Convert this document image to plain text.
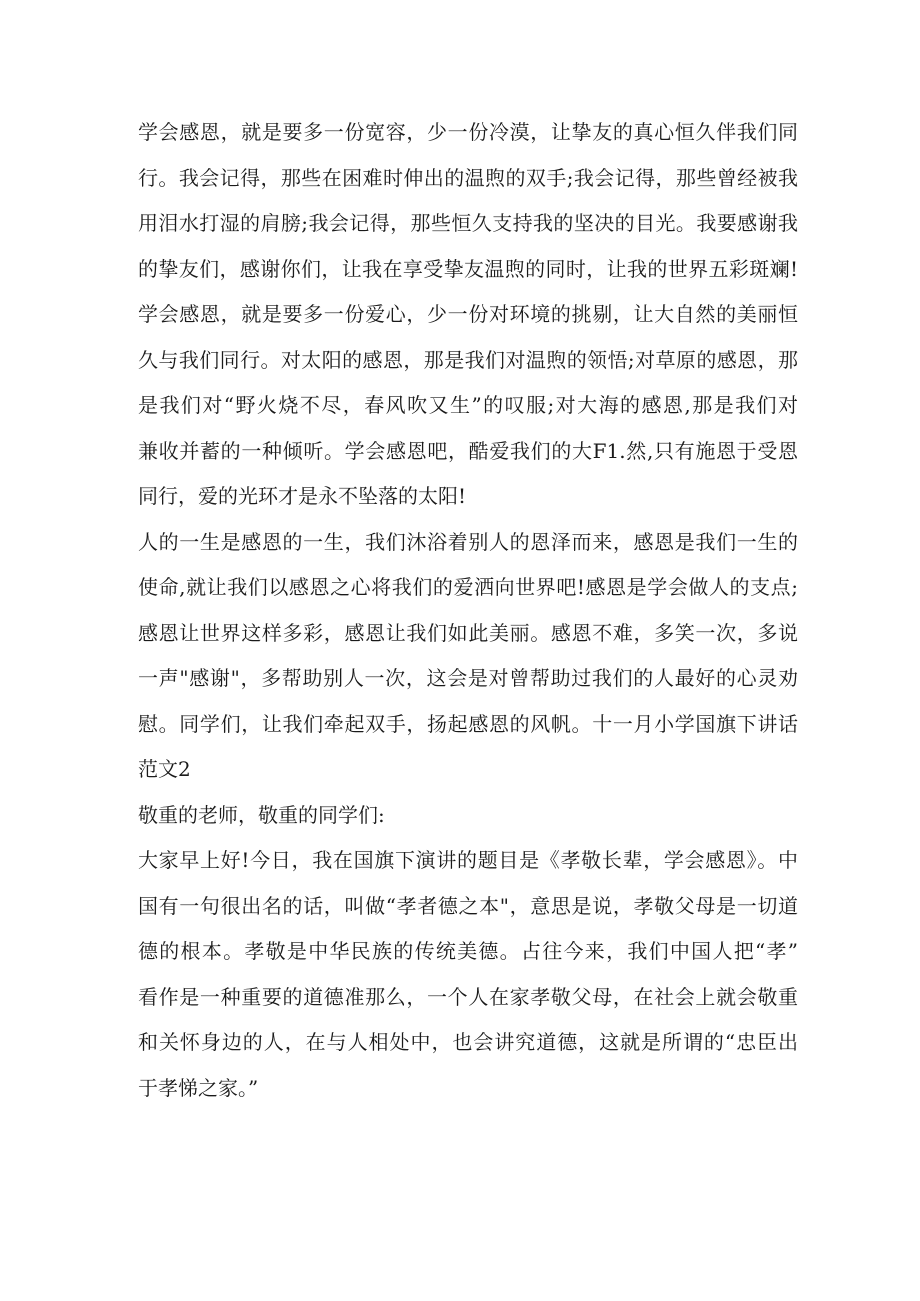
学会感恩，就是要多一份宽容，少一份冷漠，让挚友的真心恒久伴我们同
行。我会记得，那些在困难时伸出的温煦的双手;我会记得，那些曾经被我
用泪水打湿的肩膀;我会记得，那些恒久支持我的坚决的目光。我要感谢我
的挚友们，感谢你们，让我在享受挚友温煦的同时，让我的世界五彩斑斓!
学会感恩，就是要多一份爱心，少一份对环境的挑剔，让大自然的美丽恒
久与我们同行。对太阳的感恩，那是我们对温煦的领悟;对草原的感恩，那
是我们对“野火烧不尽，春风吹又生”的叹服;对大海的感恩,那是我们对
兼收并蓄的一种倾听。学会感恩吧，酷爱我们的大F1.然,只有施恩于受恩
同行，爱的光环才是永不坠落的太阳!
人的一生是感恩的一生，我们沐浴着别人的恩泽而来，感恩是我们一生的
使命,就让我们以感恩之心将我们的爱洒向世界吧!感恩是学会做人的支点;
感恩让世界这样多彩，感恩让我们如此美丽。感恩不难，多笑一次，多说
一声"感谢"，多帮助别人一次，这会是对曾帮助过我们的人最好的心灵劝
慰。同学们，让我们牵起双手，扬起感恩的风帆。十一月小学国旗下讲话
范文2
敬重的老师，敬重的同学们:
大家早上好!今日，我在国旗下演讲的题目是《孝敬长辈，学会感恩》。中
国有一句很出名的话，叫做“孝者德之本"，意思是说，孝敬父母是一切道
德的根本。孝敬是中华民族的传统美德。占往今来，我们中国人把“孝”
看作是一种重要的道德准那么，一个人在家孝敬父母，在社会上就会敬重
和关怀身边的人，在与人相处中，也会讲究道德，这就是所谓的“忠臣出
于孝悌之家。”
